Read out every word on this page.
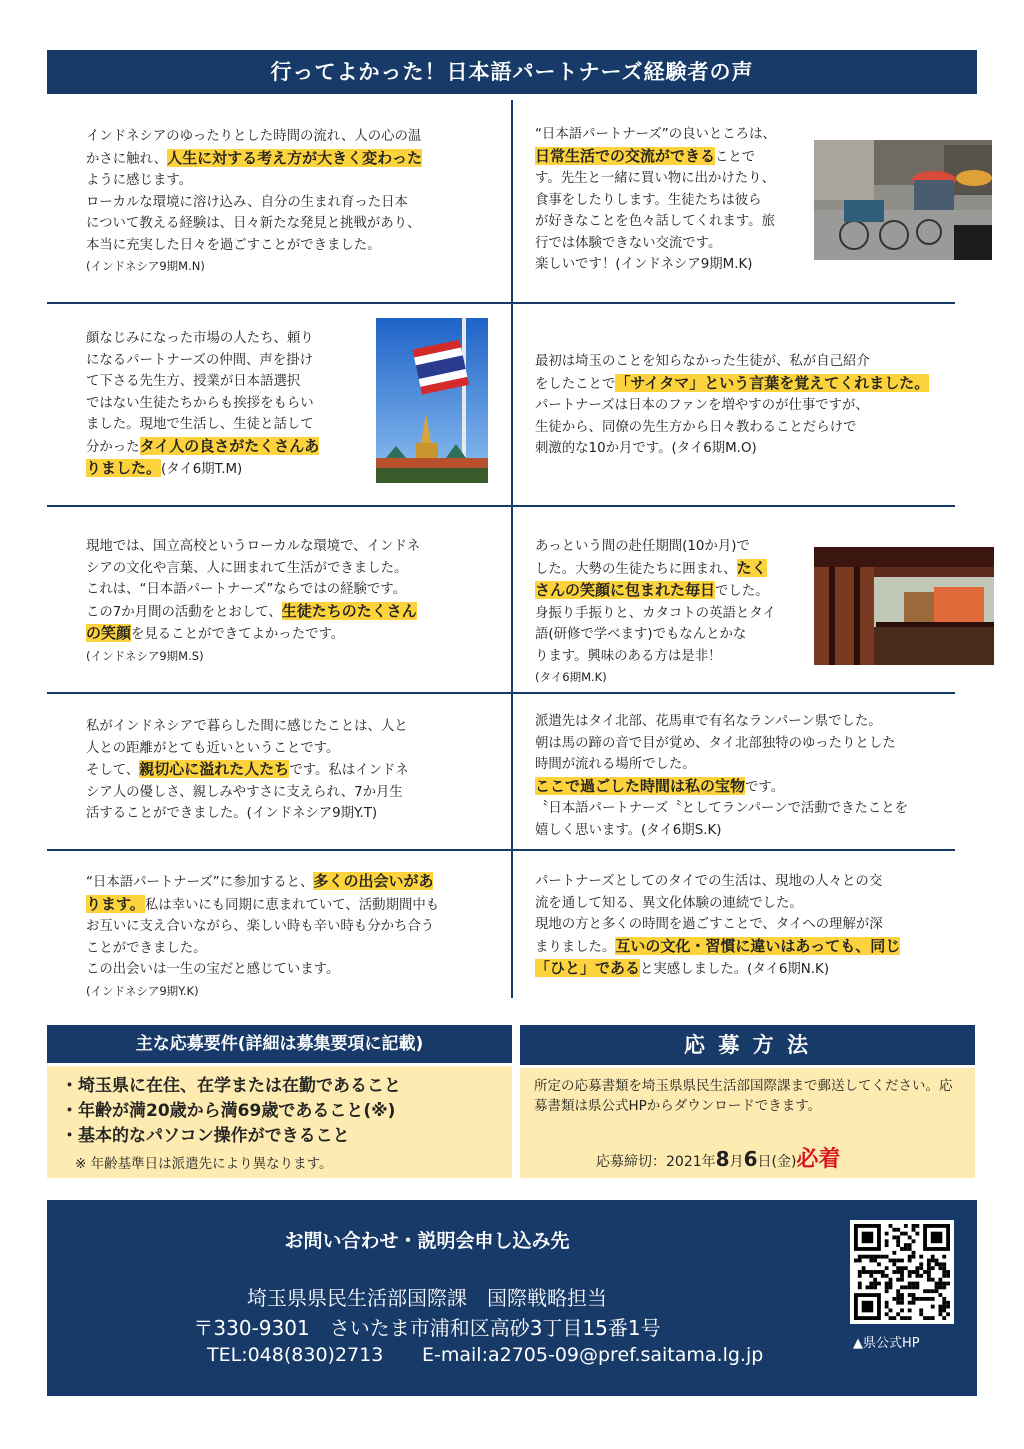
行ってよかった！日本語パートナーズ経験者の声
インドネシアのゆったりとした時間の流れ、人の心の温
かさに触れ、人生に対する考え方が大きく変わった
ように感じます。
ローカルな環境に溶け込み、自分の生まれ育った日本
について教える経験は、日々新たな発見と挑戦があり、
本当に充実した日々を過ごすことができました。
(インドネシア9期M.N)
“日本語パートナーズ”の良いところは、
日常生活での交流ができることで
す。先生と一緒に買い物に出かけたり、
食事をしたりします。生徒たちは彼ら
が好きなことを色々話してくれます。旅
行では体験できない交流です。
楽しいです！(インドネシア9期M.K)
顔なじみになった市場の人たち、頼り
になるパートナーズの仲間、声を掛け
て下さる先生方、授業が日本語選択
ではない生徒たちからも挨拶をもらい
ました。現地で生活し、生徒と話して
分かったタイ人の良さがたくさんあ
りました。(タイ6期T.M)
最初は埼玉のことを知らなかった生徒が、私が自己紹介
をしたことで「サイタマ」という言葉を覚えてくれました。
パートナーズは日本のファンを増やすのが仕事ですが、
生徒から、同僚の先生方から日々教わることだらけで
刺激的な10か月です。(タイ6期M.O)
現地では、国立高校というローカルな環境で、インドネ
シアの文化や言葉、人に囲まれて生活ができました。
これは、“日本語パートナーズ”ならではの経験です。
この7か月間の活動をとおして、生徒たちのたくさん
の笑顔を見ることができてよかったです。
(インドネシア9期M.S)
あっという間の赴任期間(10か月)で
した。大勢の生徒たちに囲まれ、たく
さんの笑顔に包まれた毎日でした。
身振り手振りと、カタコトの英語とタイ
語(研修で学べます)でもなんとかな
ります。興味のある方は是非！
(タイ6期M.K)
私がインドネシアで暮らした間に感じたことは、人と
人との距離がとても近いということです。
そして、親切心に溢れた人たちです。私はインドネ
シア人の優しさ、親しみやすさに支えられ、7か月生
活することができました。(インドネシア9期Y.T)
派遣先はタイ北部、花馬車で有名なランパーン県でした。
朝は馬の蹄の音で目が覚め、タイ北部独特のゆったりとした
時間が流れる場所でした。
ここで過ごした時間は私の宝物です。
〝日本語パートナーズ〝としてランパーンで活動できたことを
嬉しく思います。(タイ6期S.K)
“日本語パートナーズ”に参加すると、多くの出会いがあ
ります。私は幸いにも同期に恵まれていて、活動期間中も
お互いに支え合いながら、楽しい時も辛い時も分かち合う
ことができました。
この出会いは一生の宝だと感じています。
(インドネシア9期Y.K)
パートナーズとしてのタイでの生活は、現地の人々との交
流を通して知る、異文化体験の連続でした。
現地の方と多くの時間を過ごすことで、タイへの理解が深
まりました。互いの文化・習慣に違いはあっても、同じ
「ひと」であると実感しました。(タイ6期N.K)
主な応募要件(詳細は募集要項に記載)
・埼玉県に在住、在学または在勤であること
・年齢が満20歳から満69歳であること(※)
・基本的なパソコン操作ができること
※ 年齢基準日は派遣先により異なります。
応 募 方 法
所定の応募書類を埼玉県県民生活部国際課まで郵送してください。応募書類は県公式HPからダウンロードできます。
応募締切：2021年8月6日(金)必着
お問い合わせ・説明会申し込み先
埼玉県県民生活部国際課　国際戦略担当
〒330-9301　さいたま市浦和区高砂3丁目15番1号
TEL:048(830)2713 E-mail:a2705-09@pref.saitama.lg.jp
▲県公式HP
